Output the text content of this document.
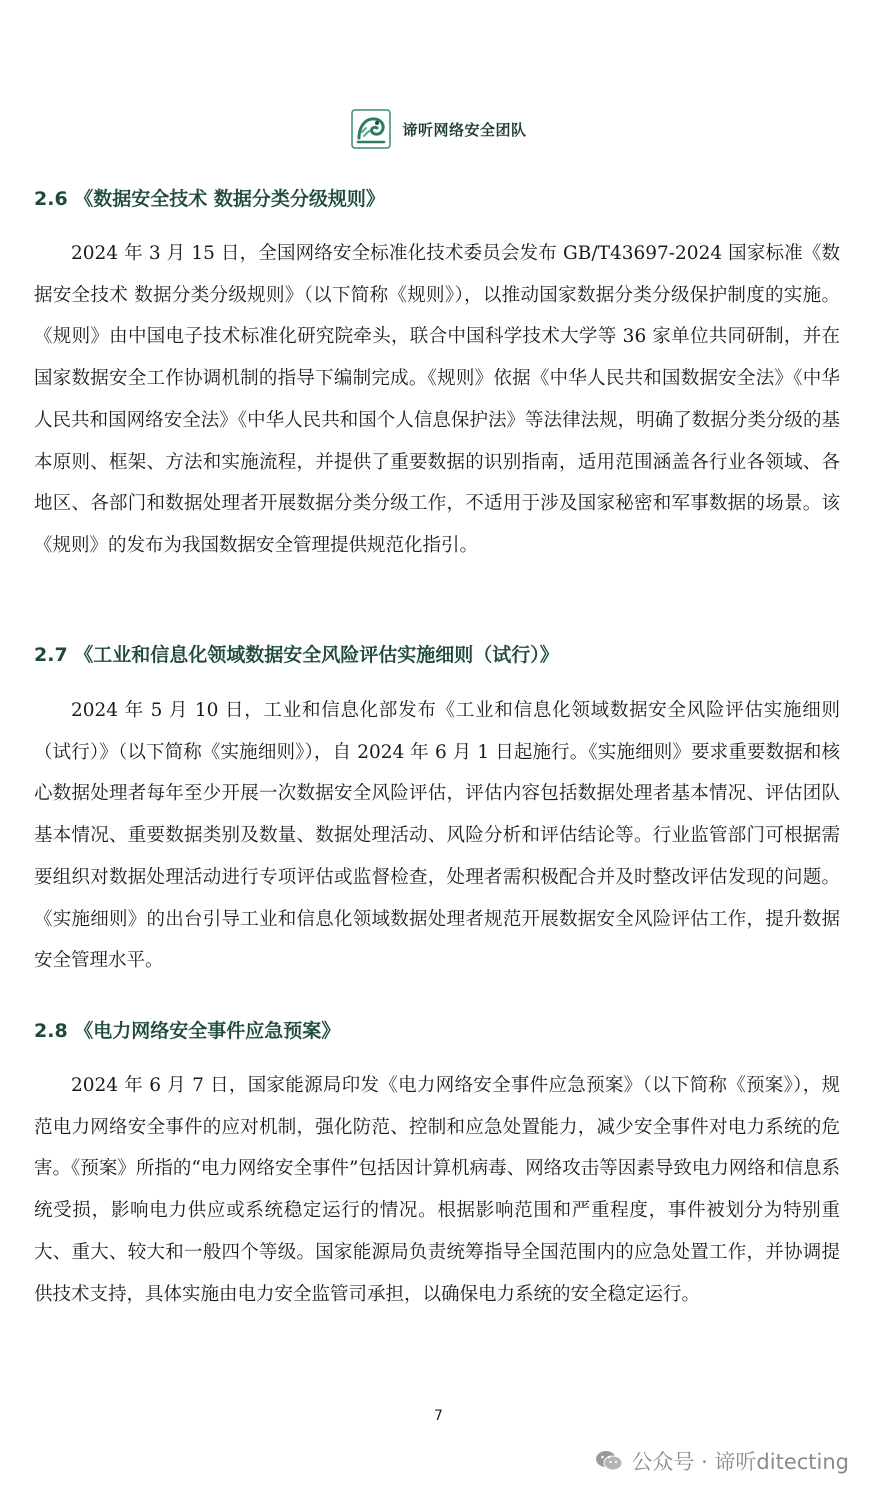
谛听网络安全团队
2.6 《数据安全技术 数据分类分级规则》

2024 年 3 月 15 日，全国网络安全标准化技术委员会发布 GB/T43697-2024 国家标准《数据安全技术 数据分类分级规则》（以下简称《规则》），以推动国家数据分类分级保护制度的实施。《规则》由中国电子技术标准化研究院牵头，联合中国科学技术大学等 36 家单位共同研制，并在国家数据安全工作协调机制的指导下编制完成。《规则》依据《中华人民共和国数据安全法》《中华人民共和国网络安全法》《中华人民共和国个人信息保护法》等法律法规，明确了数据分类分级的基本原则、框架、方法和实施流程，并提供了重要数据的识别指南，适用范围涵盖各行业各领域、各地区、各部门和数据处理者开展数据分类分级工作，不适用于涉及国家秘密和军事数据的场景。该《规则》的发布为我国数据安全管理提供规范化指引。

2.7 《工业和信息化领域数据安全风险评估实施细则（试行）》

2024 年 5 月 10 日，工业和信息化部发布《工业和信息化领域数据安全风险评估实施细则（试行）》（以下简称《实施细则》），自 2024 年 6 月 1 日起施行。《实施细则》要求重要数据和核心数据处理者每年至少开展一次数据安全风险评估，评估内容包括数据处理者基本情况、评估团队基本情况、重要数据类别及数量、数据处理活动、风险分析和评估结论等。行业监管部门可根据需要组织对数据处理活动进行专项评估或监督检查，处理者需积极配合并及时整改评估发现的问题。《实施细则》的出台引导工业和信息化领域数据处理者规范开展数据安全风险评估工作，提升数据安全管理水平。

2.8 《电力网络安全事件应急预案》

2024 年 6 月 7 日，国家能源局印发《电力网络安全事件应急预案》（以下简称《预案》），规范电力网络安全事件的应对机制，强化防范、控制和应急处置能力，减少安全事件对电力系统的危害。《预案》所指的“电力网络安全事件”包括因计算机病毒、网络攻击等因素导致电力网络和信息系统受损，影响电力供应或系统稳定运行的情况。根据影响范围和严重程度，事件被划分为特别重大、重大、较大和一般四个等级。国家能源局负责统筹指导全国范围内的应急处置工作，并协调提供技术支持，具体实施由电力安全监管司承担，以确保电力系统的安全稳定运行。

7
公众号 · 谛听ditecting
